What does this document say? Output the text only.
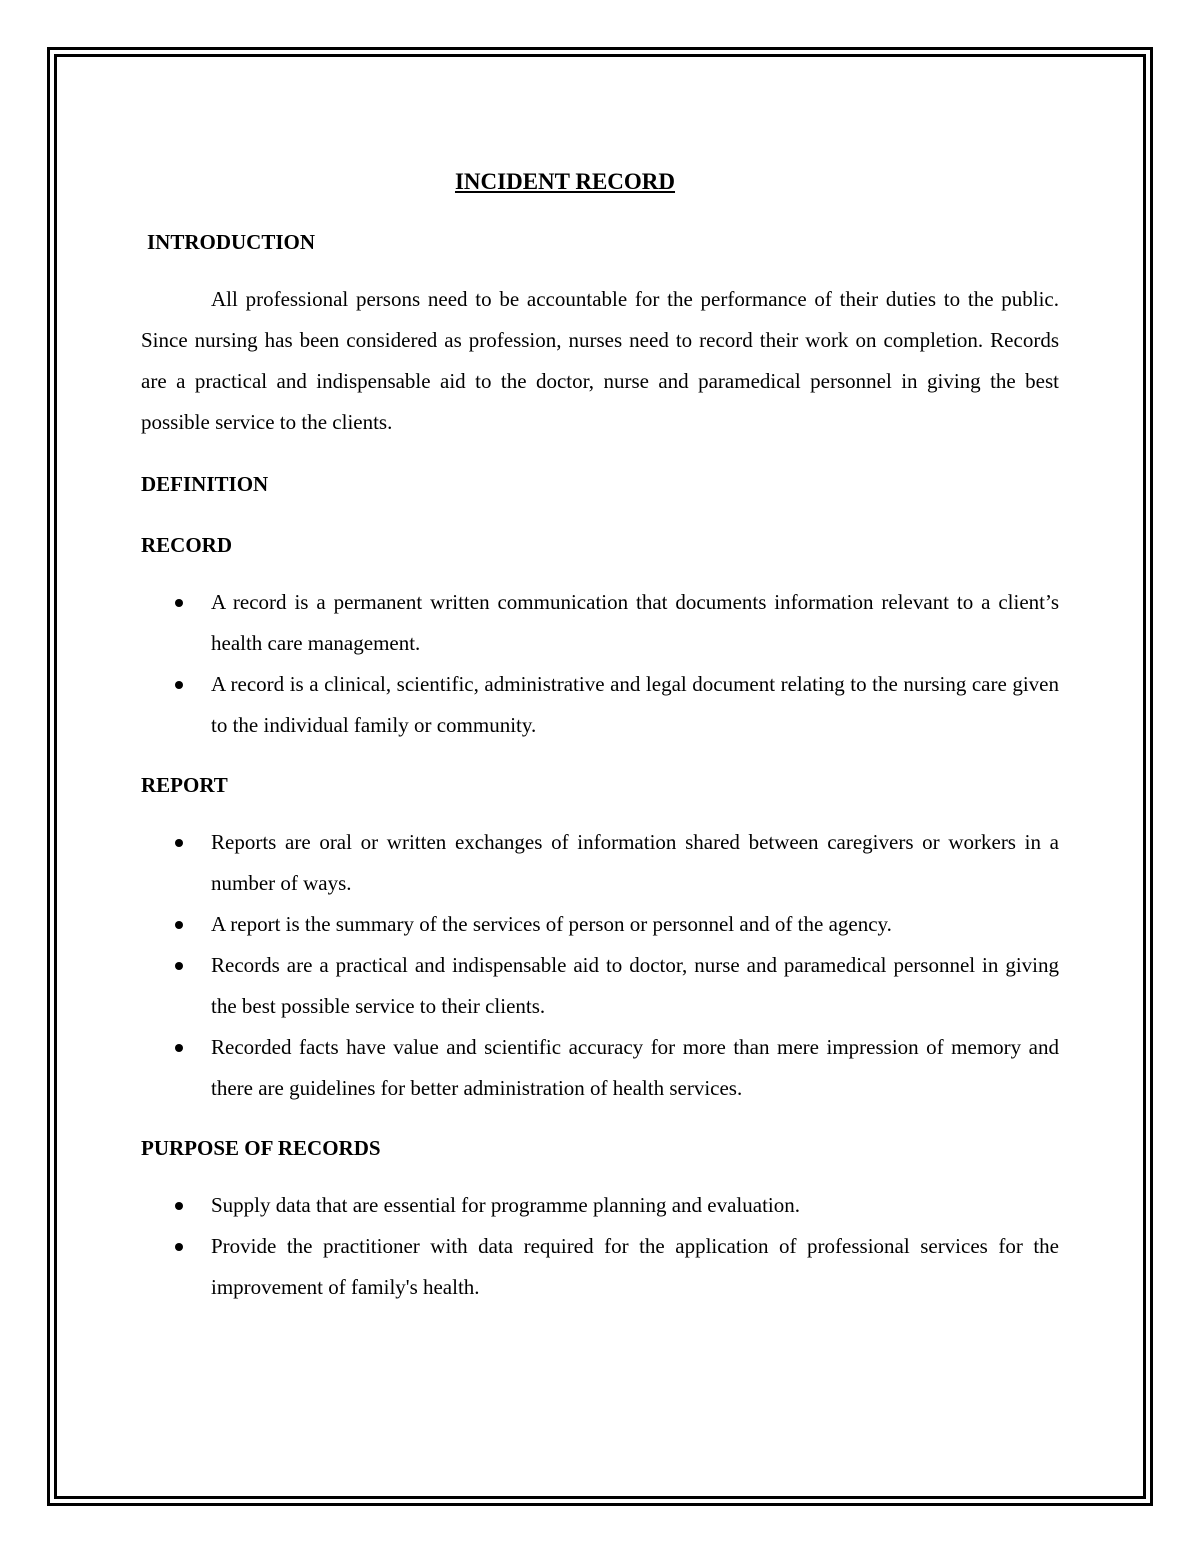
INCIDENT RECORD
INTRODUCTION

All professional persons need to be accountable for the performance of their duties to the public. Since nursing has been considered as profession, nurses need to record their work on completion. Records are a practical and indispensable aid to the doctor, nurse and paramedical personnel in giving the best possible service to the clients.

DEFINITION
RECORD
A record is a permanent written communication that documents information relevant to a client’s health care management.
A record is a clinical, scientific, administrative and legal document relating to the nursing care given to the individual family or community.
REPORT
Reports are oral or written exchanges of information shared between caregivers or workers in a number of ways.
A report is the summary of the services of person or personnel and of the agency.
Records are a practical and indispensable aid to doctor, nurse and paramedical personnel in giving the best possible service to their clients.
Recorded facts have value and scientific accuracy for more than mere impression of memory and there are guidelines for better administration of health services.
PURPOSE OF RECORDS
Supply data that are essential for programme planning and evaluation.
Provide the practitioner with data required for the application of professional services for the improvement of family's health.
